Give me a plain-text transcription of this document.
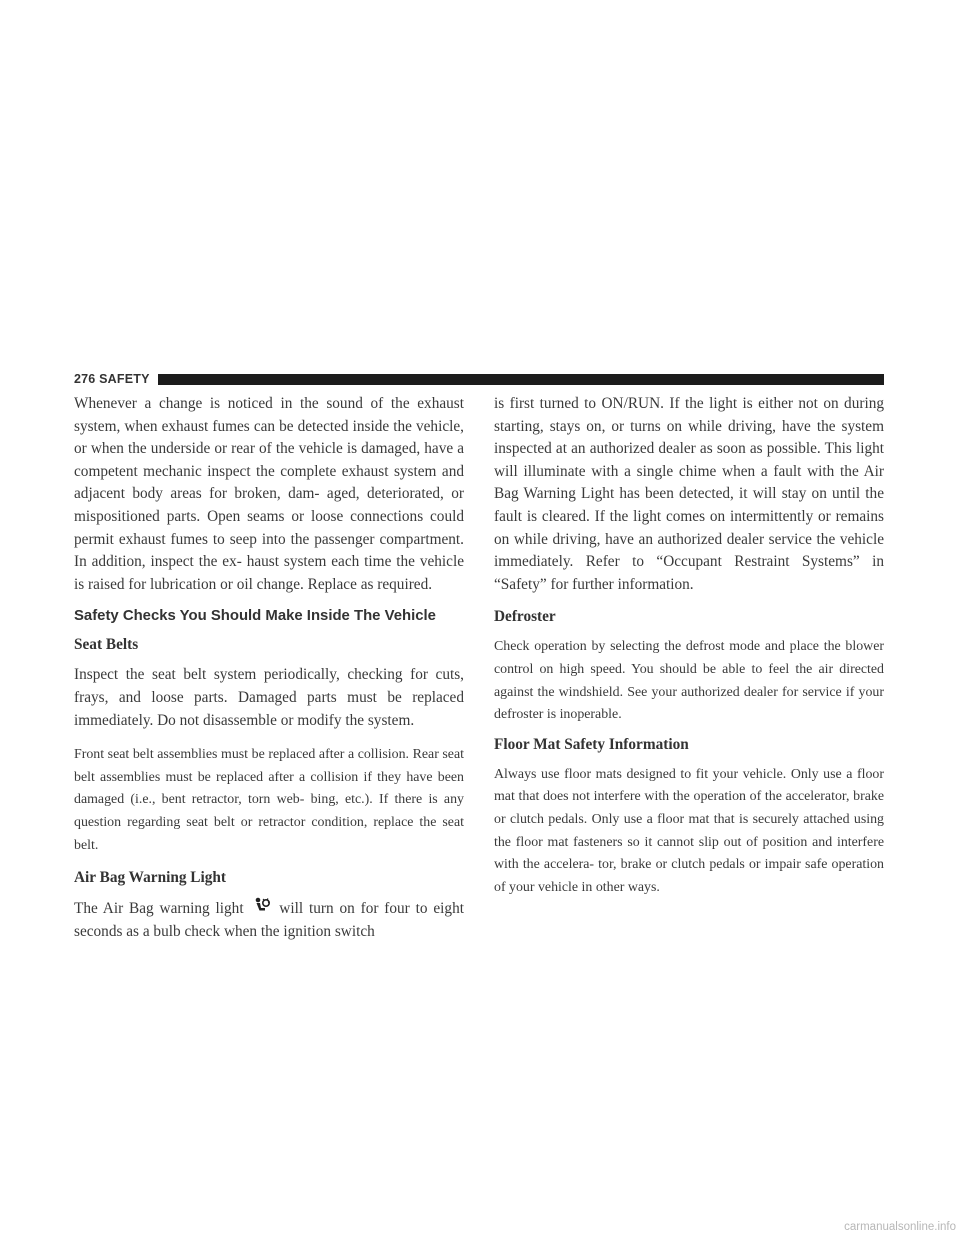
276 SAFETY

Whenever a change is noticed in the sound of the exhaust system, when exhaust fumes can be detected inside the vehicle, or when the underside or rear of the vehicle is damaged, have a competent mechanic inspect the complete exhaust system and adjacent body areas for broken, dam- aged, deteriorated, or mispositioned parts. Open seams or loose connections could permit exhaust fumes to seep into the passenger compartment. In addition, inspect the ex- haust system each time the vehicle is raised for lubrication or oil change. Replace as required.

Safety Checks You Should Make Inside The Vehicle
Seat Belts

Inspect the seat belt system periodically, checking for cuts, frays, and loose parts. Damaged parts must be replaced immediately. Do not disassemble or modify the system.

Front seat belt assemblies must be replaced after a collision. Rear seat belt assemblies must be replaced after a collision if they have been damaged (i.e., bent retractor, torn web- bing, etc.). If there is any question regarding seat belt or retractor condition, replace the seat belt.

Air Bag Warning Light

The Air Bag warning light will turn on for four to eight seconds as a bulb check when the ignition switch

is first turned to ON/RUN. If the light is either not on during starting, stays on, or turns on while driving, have the system inspected at an authorized dealer as soon as possible. This light will illuminate with a single chime when a fault with the Air Bag Warning Light has been detected, it will stay on until the fault is cleared. If the light comes on intermittently or remains on while driving, have an authorized dealer service the vehicle immediately. Refer to “Occupant Restraint Systems” in “Safety” for further information.

Defroster

Check operation by selecting the defrost mode and place the blower control on high speed. You should be able to feel the air directed against the windshield. See your authorized dealer for service if your defroster is inoperable.

Floor Mat Safety Information

Always use floor mats designed to fit your vehicle. Only use a floor mat that does not interfere with the operation of the accelerator, brake or clutch pedals. Only use a floor mat that is securely attached using the floor mat fasteners so it cannot slip out of position and interfere with the accelera- tor, brake or clutch pedals or impair safe operation of your vehicle in other ways.

carmanualsonline.info
